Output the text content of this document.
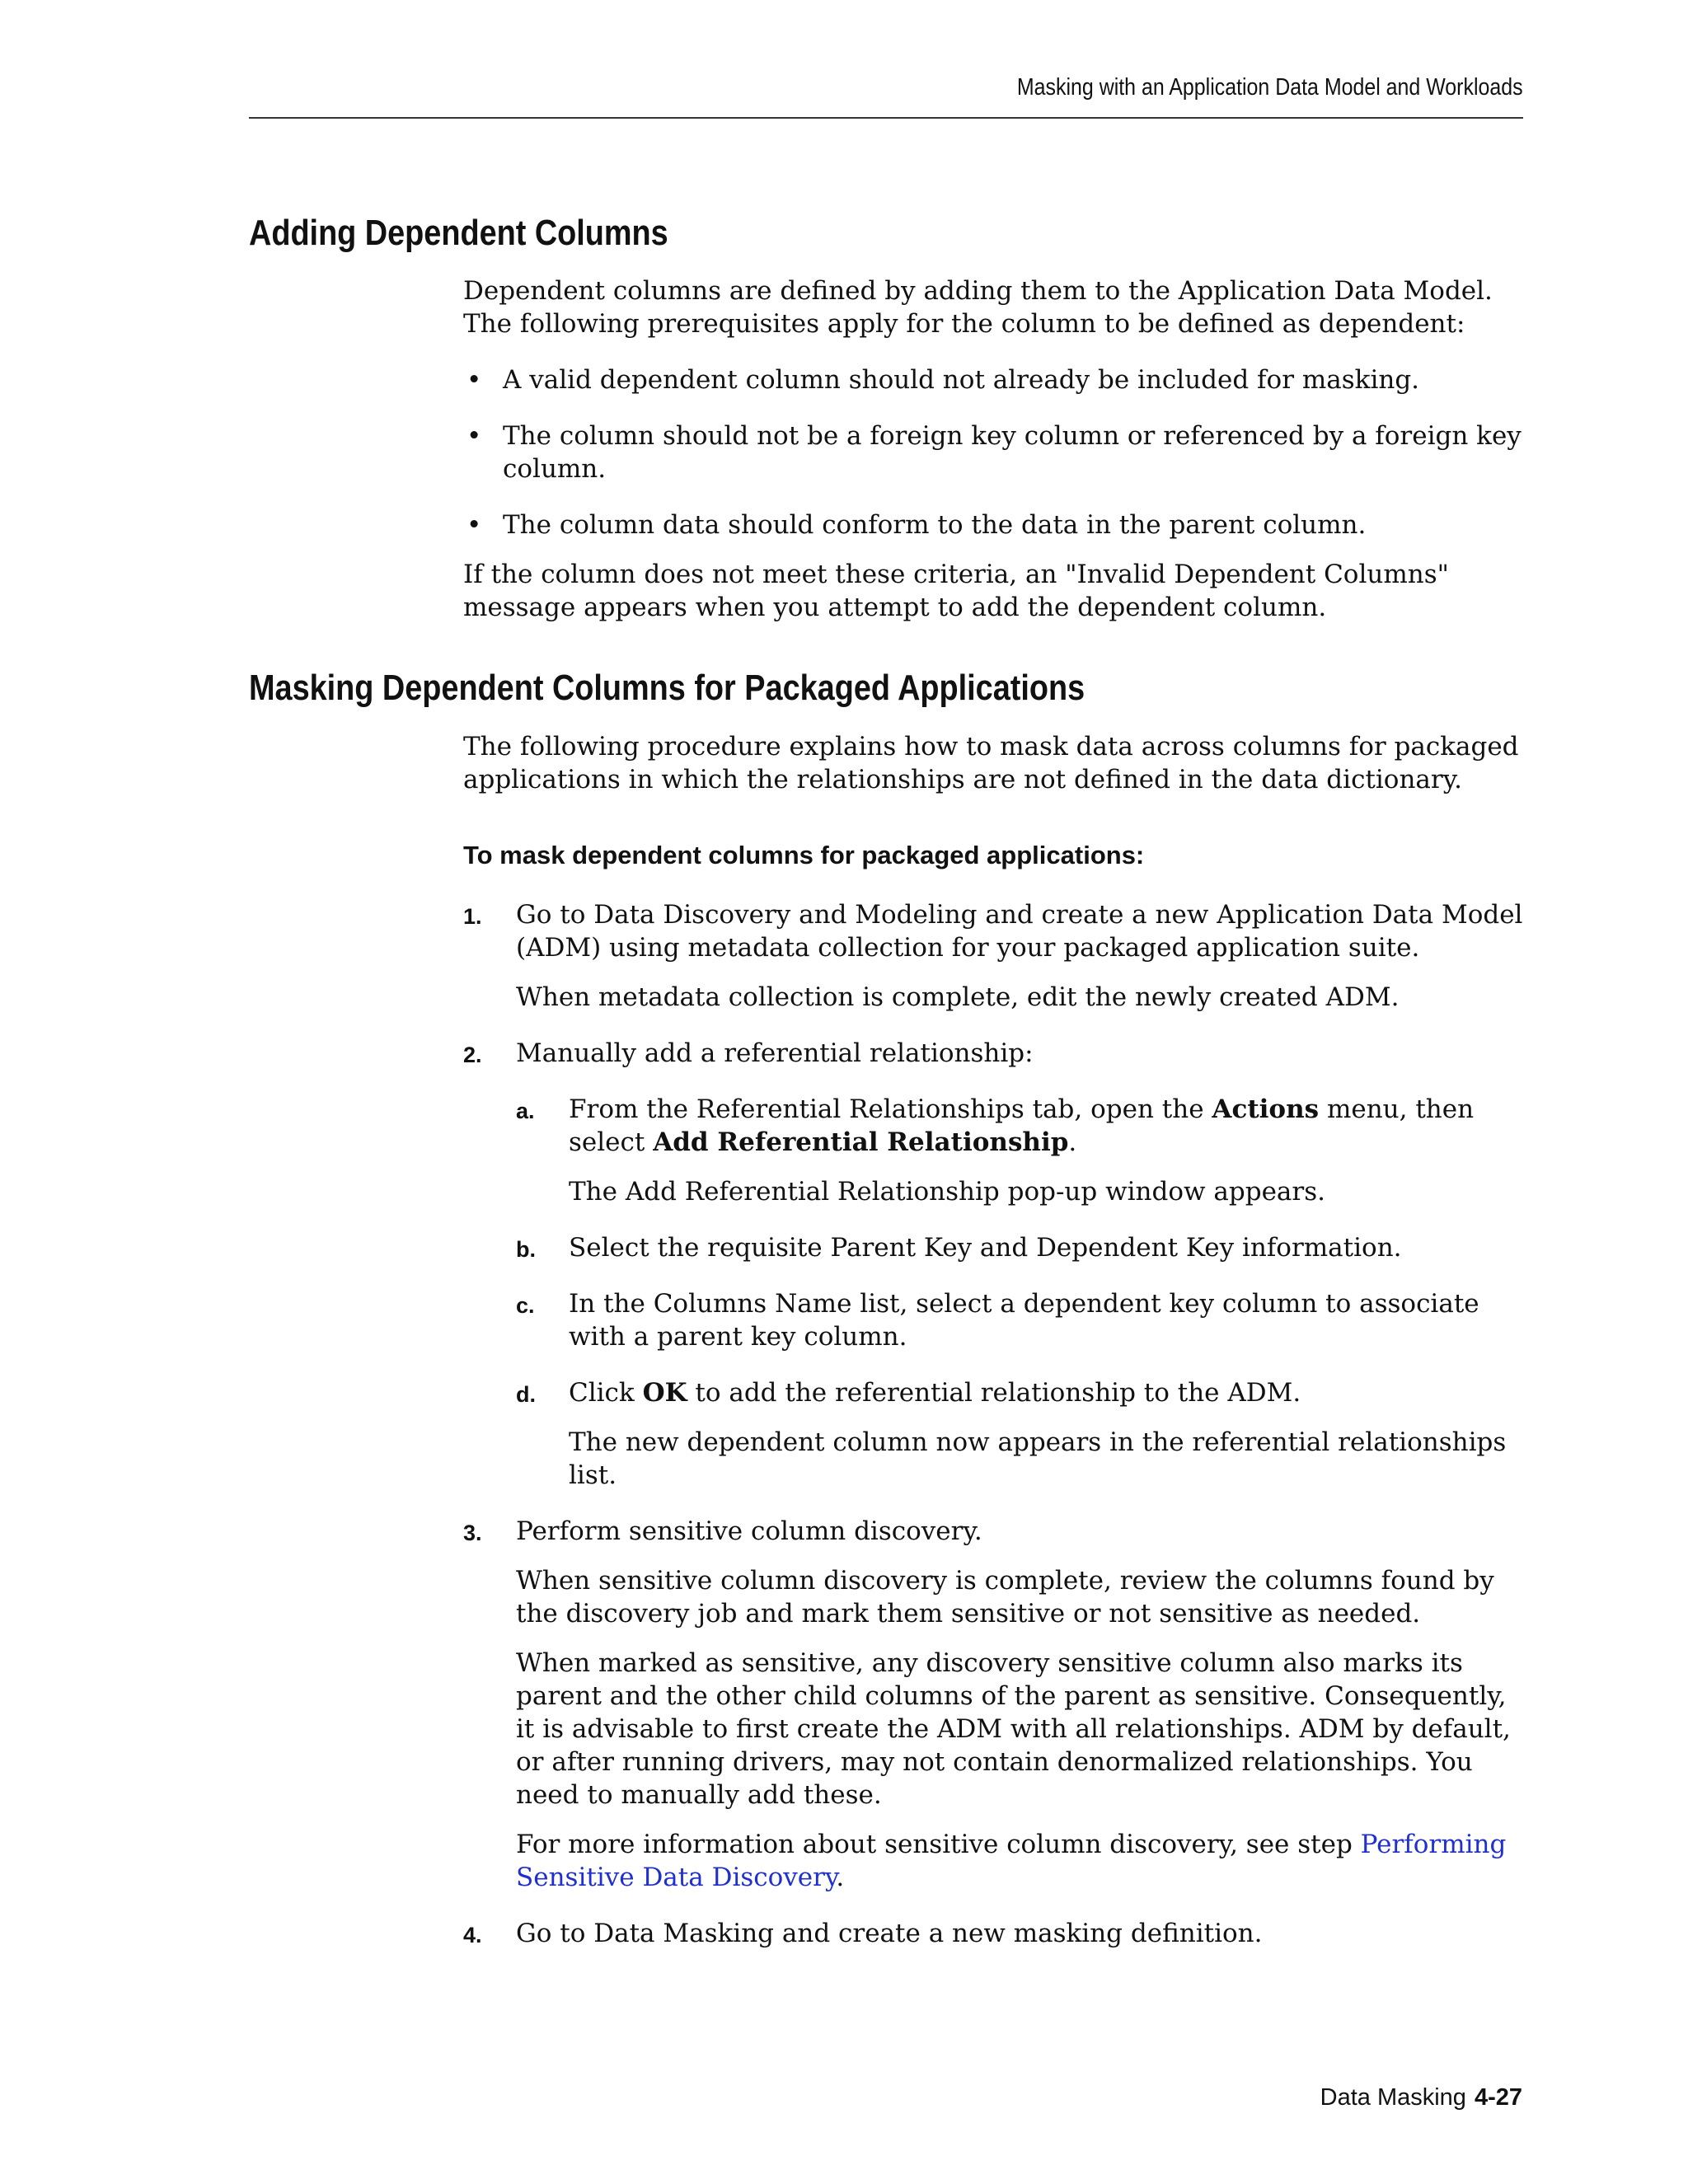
Masking with an Application Data Model and Workloads
Adding Dependent Columns

Dependent columns are defined by adding them to the Application Data Model. The following prerequisites apply for the column to be defined as dependent:

• A valid dependent column should not already be included for masking.

• The column should not be a foreign key column or referenced by a foreign key column.

• The column data should conform to the data in the parent column.

If the column does not meet these criteria, an "Invalid Dependent Columns" message appears when you attempt to add the dependent column.

Masking Dependent Columns for Packaged Applications

The following procedure explains how to mask data across columns for packaged applications in which the relationships are not defined in the data dictionary.

To mask dependent columns for packaged applications:

1. Go to Data Discovery and Modeling and create a new Application Data Model (ADM) using metadata collection for your packaged application suite.

When metadata collection is complete, edit the newly created ADM.

2. Manually add a referential relationship:

a. From the Referential Relationships tab, open the Actions menu, then select Add Referential Relationship.

The Add Referential Relationship pop-up window appears.

b. Select the requisite Parent Key and Dependent Key information.

c. In the Columns Name list, select a dependent key column to associate with a parent key column.

d. Click OK to add the referential relationship to the ADM.

The new dependent column now appears in the referential relationships list.

3. Perform sensitive column discovery.

When sensitive column discovery is complete, review the columns found by the discovery job and mark them sensitive or not sensitive as needed.

When marked as sensitive, any discovery sensitive column also marks its parent and the other child columns of the parent as sensitive. Consequently, it is advisable to first create the ADM with all relationships. ADM by default, or after running drivers, may not contain denormalized relationships. You need to manually add these.

For more information about sensitive column discovery, see step Performing Sensitive Data Discovery.

4. Go to Data Masking and create a new masking definition.

Data Masking 4-27
